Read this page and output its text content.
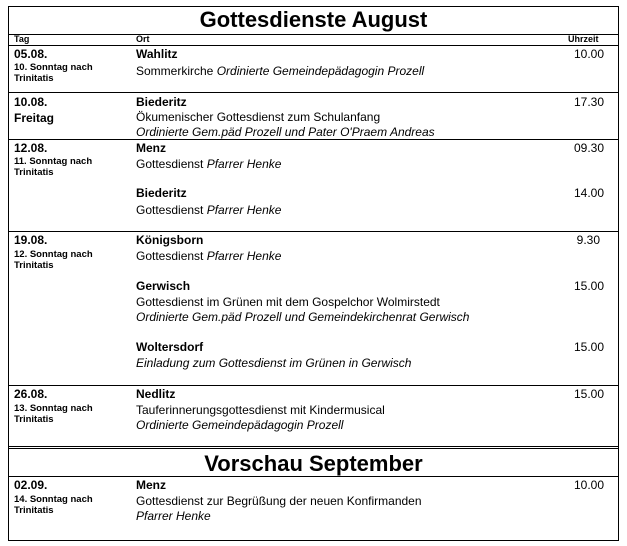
Gottesdienste August
Tag	Ort	Uhrzeit
05.08.
10. Sonntag nach
Trinitatis
Wahlitz
Sommerkirche Ordinierte Gemeindepädagogin Prozell
10.00
10.08.
Freitag
Biederitz
Ökumenischer Gottesdienst zum Schulanfang
Ordinierte Gem.päd Prozell und Pater O'Praem Andreas
17.30
12.08.
11. Sonntag nach
Trinitatis
Menz
Gottesdienst Pfarrer Henke
09.30
Biederitz
Gottesdienst Pfarrer Henke
14.00
19.08.
12. Sonntag nach
Trinitatis
Königsborn
Gottesdienst Pfarrer Henke
9.30
Gerwisch
Gottesdienst im Grünen mit dem Gospelchor Wolmirstedt
Ordinierte Gem.päd Prozell und Gemeindekirchenrat Gerwisch
15.00
Woltersdorf
Einladung zum Gottesdienst im Grünen in Gerwisch
15.00
26.08.
13. Sonntag nach
Trinitatis
Nedlitz
Tauferinnerungsgottesdienst mit Kindermusical
Ordinierte Gemeindepädagogin Prozell
15.00
Vorschau September
02.09.
14. Sonntag nach
Trinitatis
Menz
Gottesdienst zur Begrüßung der neuen Konfirmanden
Pfarrer Henke
10.00
